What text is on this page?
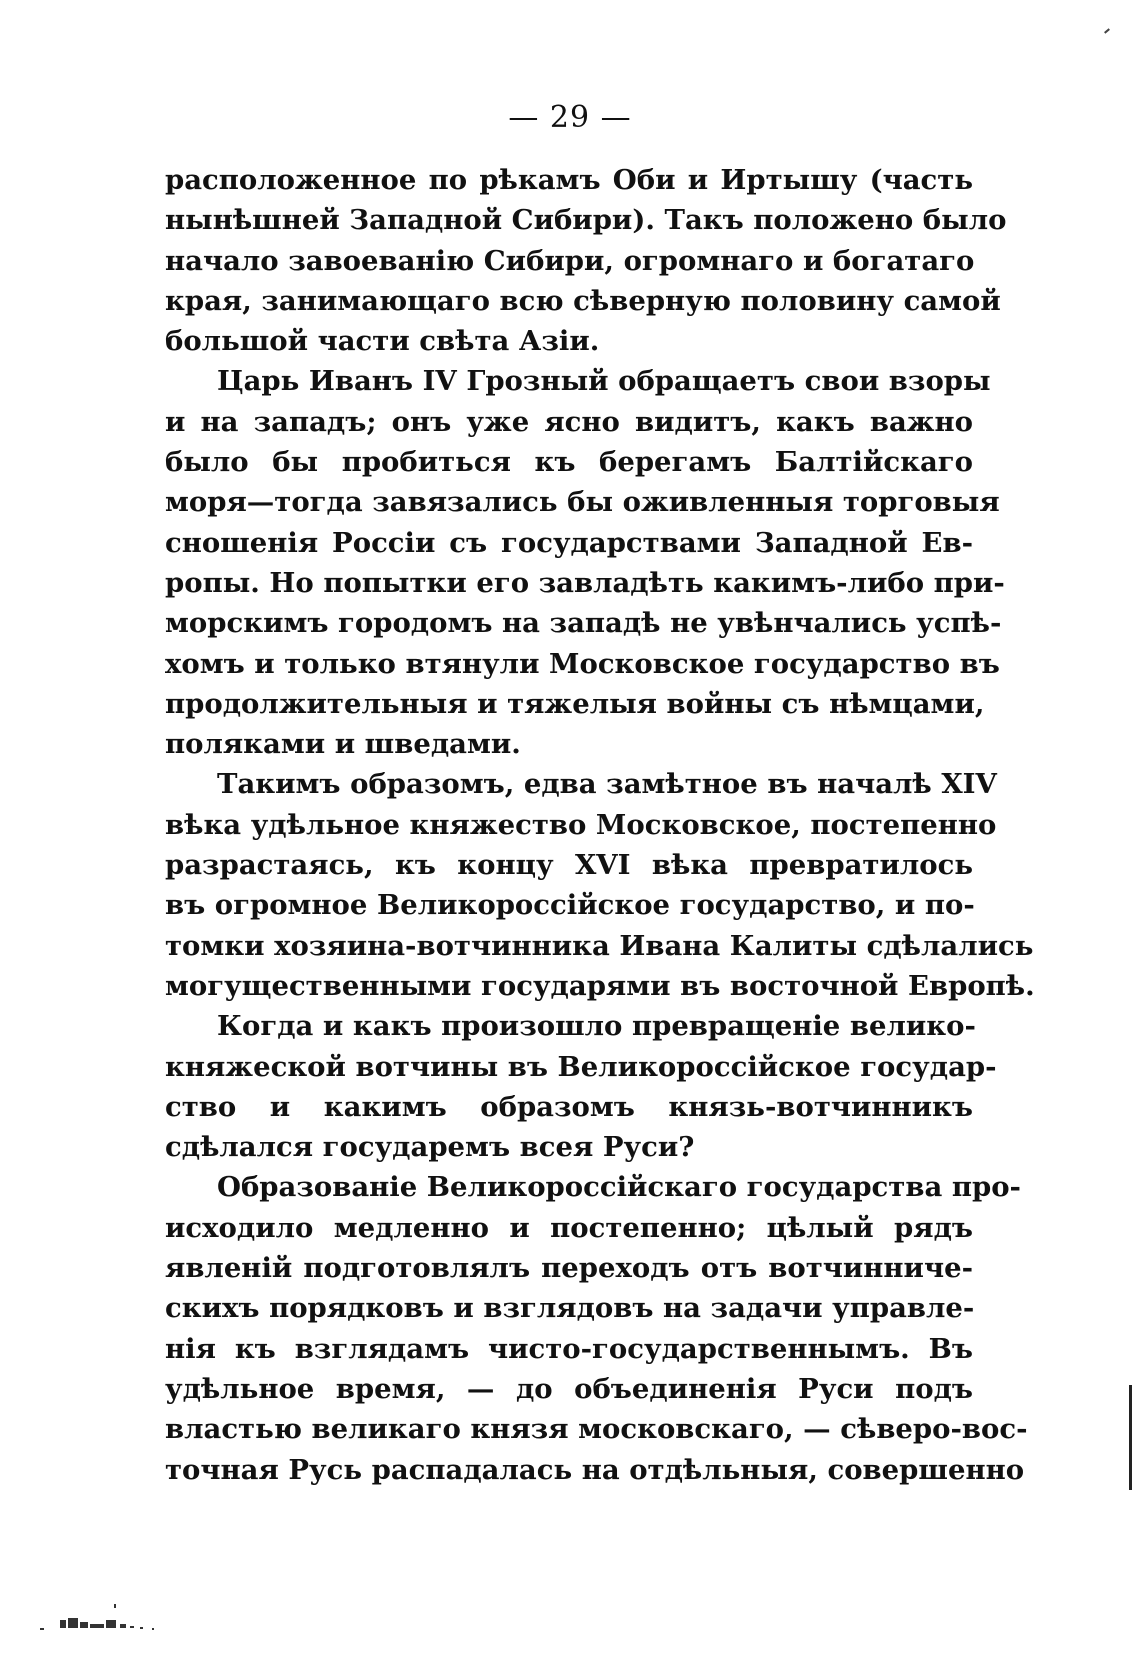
— 29 —
расположенное по рѣкамъ Оби и Иртышу (часть
нынѣшней Западной Сибири). Такъ положено было
начало завоеванію Сибири, огромнаго и богатаго
края, занимающаго всю сѣверную половину самой
большой части свѣта Азіи.
Царь Иванъ IV Грозный обращаетъ свои взоры
и на западъ; онъ уже ясно видитъ, какъ важно
было бы пробиться къ берегамъ Балтійскаго
моря—тогда завязались бы оживленныя торговыя
сношенія Россіи съ государствами Западной Ев-
ропы. Но попытки его завладѣть какимъ-либо при-
морскимъ городомъ на западѣ не увѣнчались успѣ-
хомъ и только втянули Московское государство въ
продолжительныя и тяжелыя войны съ нѣмцами,
поляками и шведами.
Такимъ образомъ, едва замѣтное въ началѣ XIV
вѣка удѣльное княжество Московское, постепенно
разрастаясь, къ концу XVI вѣка превратилось
въ огромное Великороссійское государство, и по-
томки хозяина-вотчинника Ивана Калиты сдѣлались
могущественными государями въ восточной Европѣ.
Когда и какъ произошло превращеніе велико-
княжеской вотчины въ Великороссійское государ-
ство и какимъ образомъ князь-вотчинникъ
сдѣлался государемъ всея Руси?
Образованіе Великороссійскаго государства про-
исходило медленно и постепенно; цѣлый рядъ
явленій подготовлялъ переходъ отъ вотчинниче-
скихъ порядковъ и взглядовъ на задачи управле-
нія къ взглядамъ чисто-государственнымъ. Въ
удѣльное время, — до объединенія Руси подъ
властью великаго князя московскаго, — сѣверо-вос-
точная Русь распадалась на отдѣльныя, совершенно
